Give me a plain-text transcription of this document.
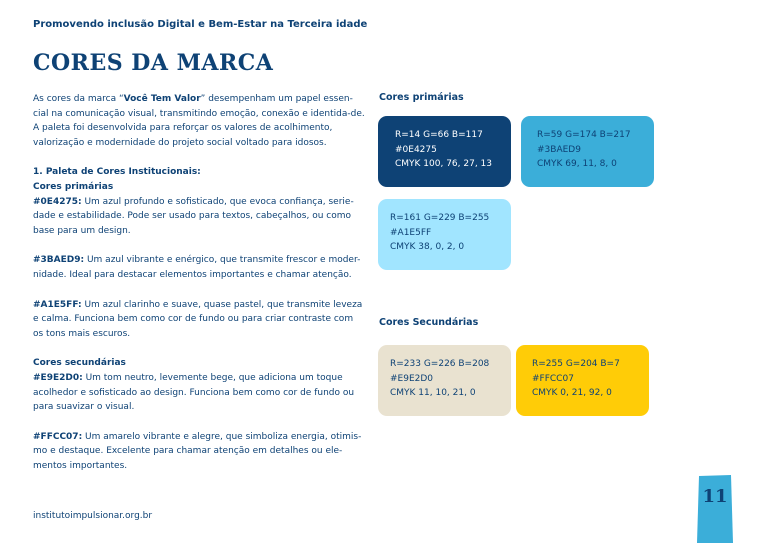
Promovendo inclusão Digital e Bem-Estar na Terceira idade
CORES DA MARCA

As cores da marca “Você Tem Valor” desempenham um papel essen-cial na comunicação visual, transmitindo emoção, conexão e identida-de. A paleta foi desenvolvida para reforçar os valores de acolhimento, valorização e modernidade do projeto social voltado para idosos.

1. Paleta de Cores Institucionais:

Cores primárias

#0E4275: Um azul profundo e sofisticado, que evoca confiança, serie-dade e estabilidade. Pode ser usado para textos, cabeçalhos, ou como base para um design.

#3BAED9: Um azul vibrante e enérgico, que transmite frescor e moder-nidade. Ideal para destacar elementos importantes e chamar atenção.

#A1E5FF: Um azul clarinho e suave, quase pastel, que transmite leveza e calma. Funciona bem como cor de fundo ou para criar contraste com os tons mais escuros.

Cores secundárias

#E9E2D0: Um tom neutro, levemente bege, que adiciona um toque acolhedor e sofisticado ao design. Funciona bem como cor de fundo ou para suavizar o visual.

#FFCC07: Um amarelo vibrante e alegre, que simboliza energia, otimis-mo e destaque. Excelente para chamar atenção em detalhes ou ele-mentos importantes.

Cores primárias
R=14 G=66 B=117
#0E4275
CMYK 100, 76, 27, 13
R=59 G=174 B=217
#3BAED9
CMYK 69, 11, 8, 0
R=161 G=229 B=255
#A1E5FF
CMYK 38, 0, 2, 0
Cores Secundárias
R=233 G=226 B=208
#E9E2D0
CMYK 11, 10, 21, 0
R=255 G=204 B=7
#FFCC07
CMYK 0, 21, 92, 0
institutoimpulsionar.org.br
11
